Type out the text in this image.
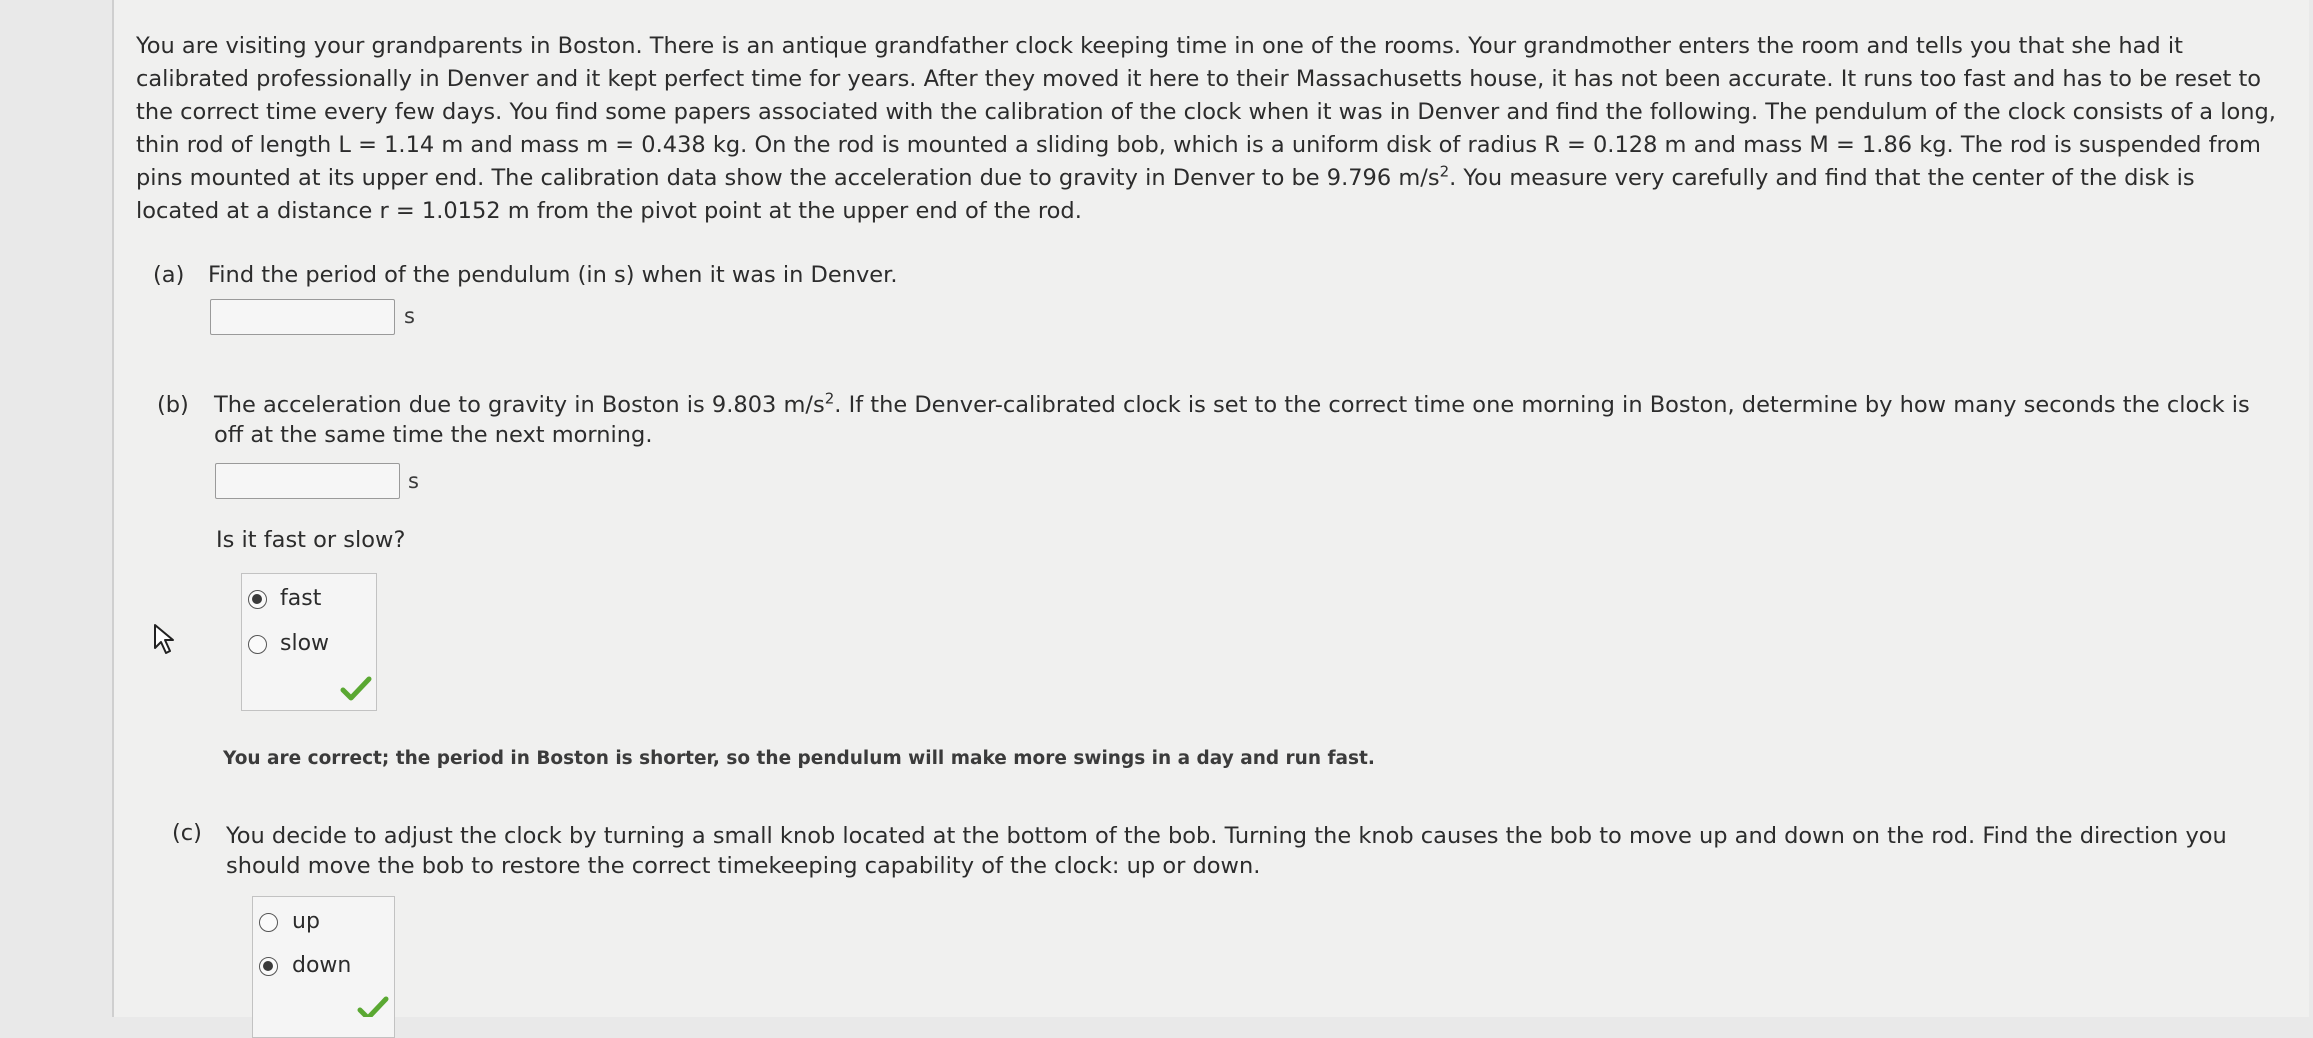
You are visiting your grandparents in Boston. There is an antique grandfather clock keeping time in one of the rooms. Your grandmother enters the room and tells you that she had it calibrated professionally in Denver and it kept perfect time for years. After they moved it here to their Massachusetts house, it has not been accurate. It runs too fast and has to be reset to the correct time every few days. You find some papers associated with the calibration of the clock when it was in Denver and find the following. The pendulum of the clock consists of a long, thin rod of length L = 1.14 m and mass m = 0.438 kg. On the rod is mounted a sliding bob, which is a uniform disk of radius R = 0.128 m and mass M = 1.86 kg. The rod is suspended from pins mounted at its upper end. The calibration data show the acceleration due to gravity in Denver to be 9.796 $m/s^2$. You measure very carefully and find that the center of the disk is located at a distance r = 1.0152 m from the pivot point at the upper end of the rod.
(a) Find the period of the pendulum (in s) when it was in Denver.
s
(b) The acceleration due to gravity in Boston is 9.803 $m/s^2$. If the Denver-calibrated clock is set to the correct time one morning in Boston, determine by how many seconds the clock is off at the same time the next morning.
s
Is it fast or slow?
fast
slow
You are correct; the period in Boston is shorter, so the pendulum will make more swings in a day and run fast.
(c) You decide to adjust the clock by turning a small knob located at the bottom of the bob. Turning the knob causes the bob to move up and down on the rod. Find the direction you should move the bob to restore the correct timekeeping capability of the clock: up or down.
up
down
